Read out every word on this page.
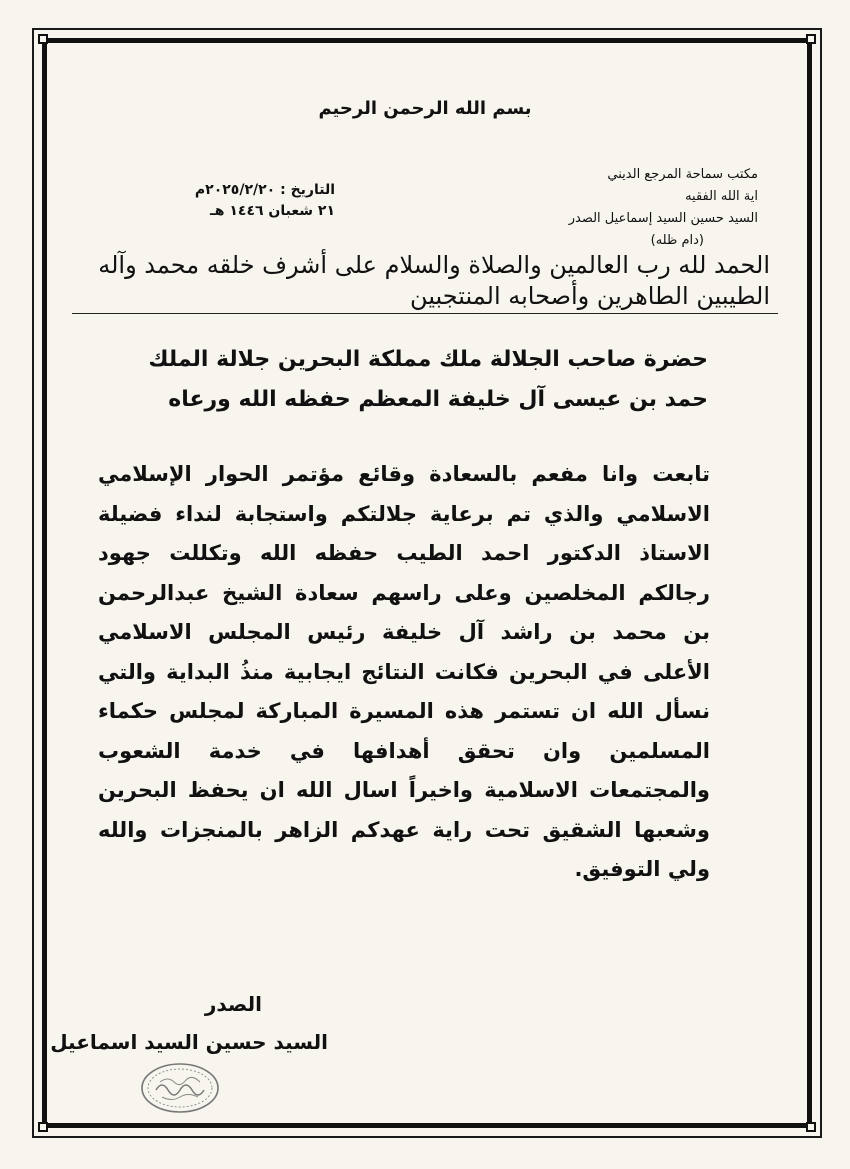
بسم الله الرحمن الرحيم
مكتب سماحة المرجع الديني
اية الله الفقيه
السيد حسين السيد إسماعيل الصدر
(دام ظله)
التاريخ : ٢٠٢٥/٢/٢٠م
٢١ شعبان ١٤٤٦ هـ
الحمد لله رب العالمين والصلاة والسلام على أشرف خلقه محمد وآله الطيبين الطاهرين وأصحابه المنتجبين
حضرة صاحب الجلالة ملك مملكة البحرين جلالة الملك حمد بن عيسى آل خليفة المعظم حفظه الله ورعاه
تابعت وانا مفعم بالسعادة وقائع مؤتمر الحوار الإسلامي الاسلامي والذي تم برعاية جلالتكم واستجابة لنداء فضيلة الاستاذ الدكتور احمد الطيب حفظه الله وتكللت جهود رجالكم المخلصين وعلى راسهم سعادة الشيخ عبدالرحمن بن محمد بن راشد آل خليفة رئيس المجلس الاسلامي الأعلى في البحرين فكانت النتائج ايجابية منذُ البداية والتي نسأل الله ان تستمر هذه المسيرة المباركة لمجلس حكماء المسلمين وان تحقق أهدافها في خدمة الشعوب والمجتمعات الاسلامية واخيراً اسال الله ان يحفظ البحرين وشعبها الشقيق تحت راية عهدكم الزاهر بالمنجزات والله ولي التوفيق.
الصدر
السيد حسين السيد اسماعيل
